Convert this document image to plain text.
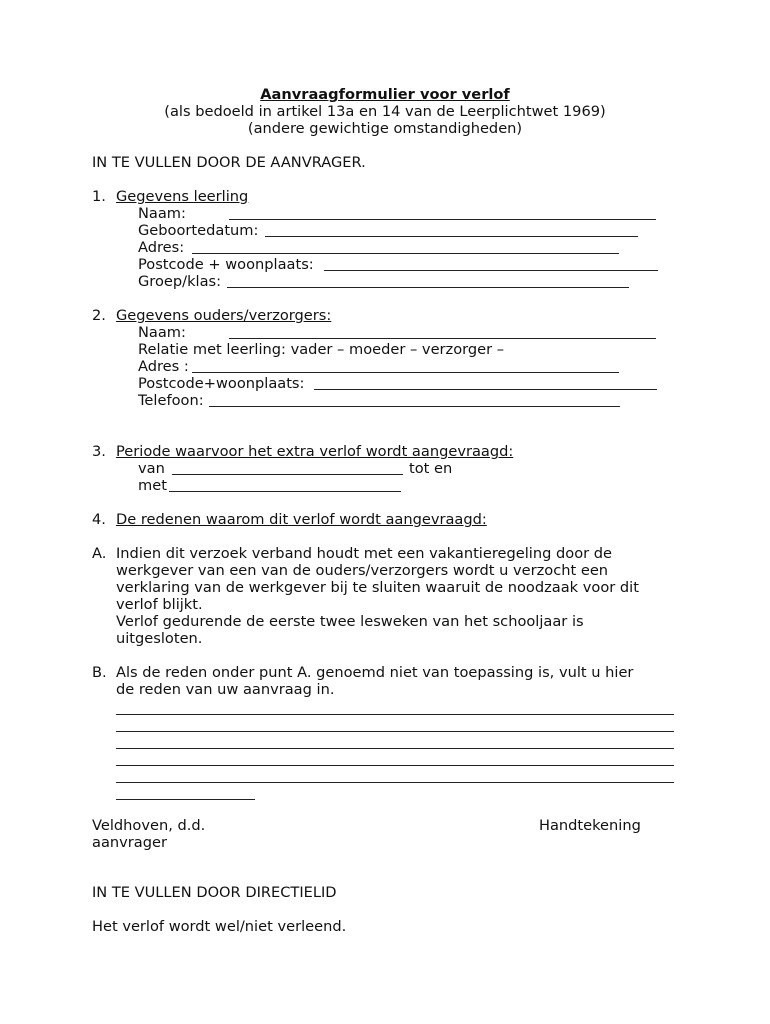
Aanvraagformulier voor verlof
(als bedoeld in artikel 13a en 14 van de Leerplichtwet 1969)
(andere gewichtige omstandigheden)
IN TE VULLEN DOOR DE AANVRAGER.
1. Gegevens leerling
Naam:
Geboortedatum:
Adres:
Postcode + woonplaats:
Groep/klas:
2. Gegevens ouders/verzorgers:
Naam:
Relatie met leerling: vader – moeder – verzorger –
Adres :
Postcode+woonplaats:
Telefoon:
3. Periode waarvoor het extra verlof wordt aangevraagd:
van	tot en
met
4. De redenen waarom dit verlof wordt aangevraagd:
A. Indien dit verzoek verband houdt met een vakantieregeling door de
werkgever van een van de ouders/verzorgers wordt u verzocht een
verklaring van de werkgever bij te sluiten waaruit de noodzaak voor dit
verlof blijkt.
Verlof gedurende de eerste twee lesweken van het schooljaar is
uitgesloten.
B. Als de reden onder punt A. genoemd niet van toepassing is, vult u hier
de reden van uw aanvraag in.
Veldhoven, d.d.	Handtekening
aanvrager
IN TE VULLEN DOOR DIRECTIELID
Het verlof wordt wel/niet verleend.
